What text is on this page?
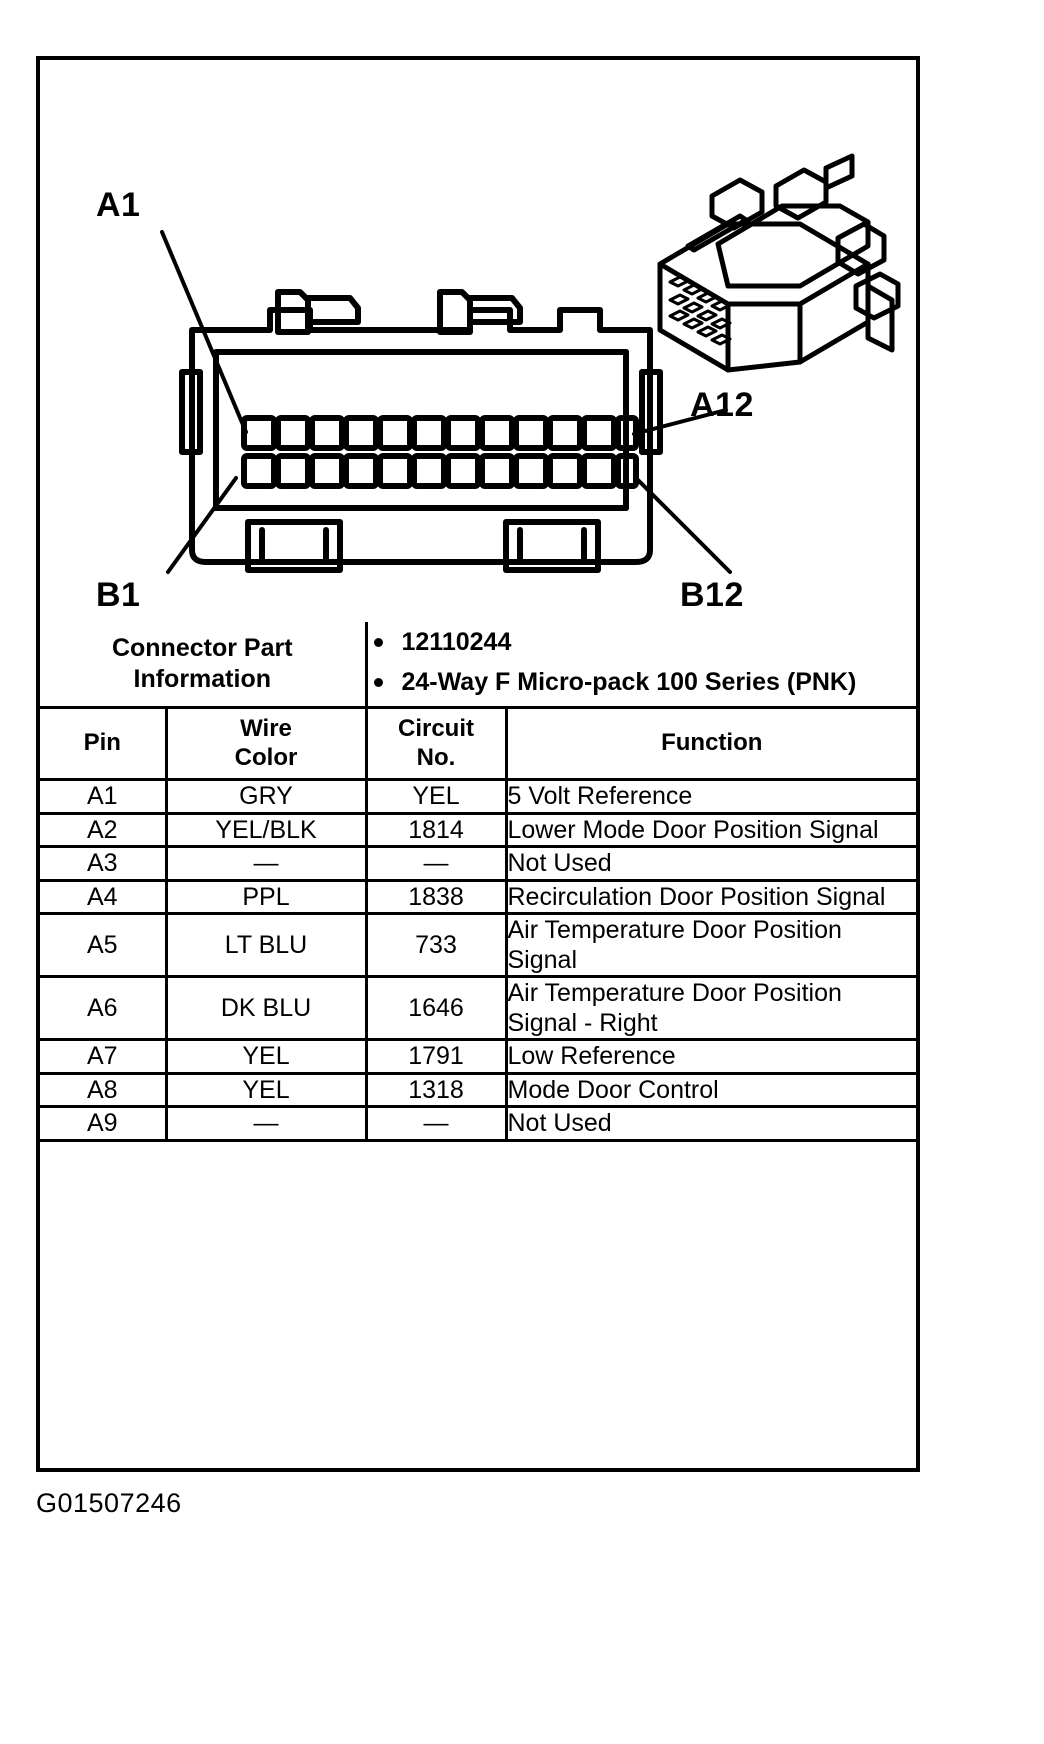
A1
A12
B1	B12
Connector Part
Information

12110244
24-Way F Micro-pack 100 Series (PNK)

Pin

Wire
Color

Circuit
No.

Function

A1	GRY	YEL	5 Volt Reference
A2	YEL/BLK	1814	Lower Mode Door Position Signal
A3	—	—	Not Used
A4	PPL	1838	Recirculation Door Position Signal
A5	LT BLU	733	Air Temperature Door Position Signal
A6	DK BLU	1646	Air Temperature Door Position Signal - Right
A7	YEL	1791	Low Reference
A8	YEL	1318	Mode Door Control
A9	—	—	Not Used
G01507246
